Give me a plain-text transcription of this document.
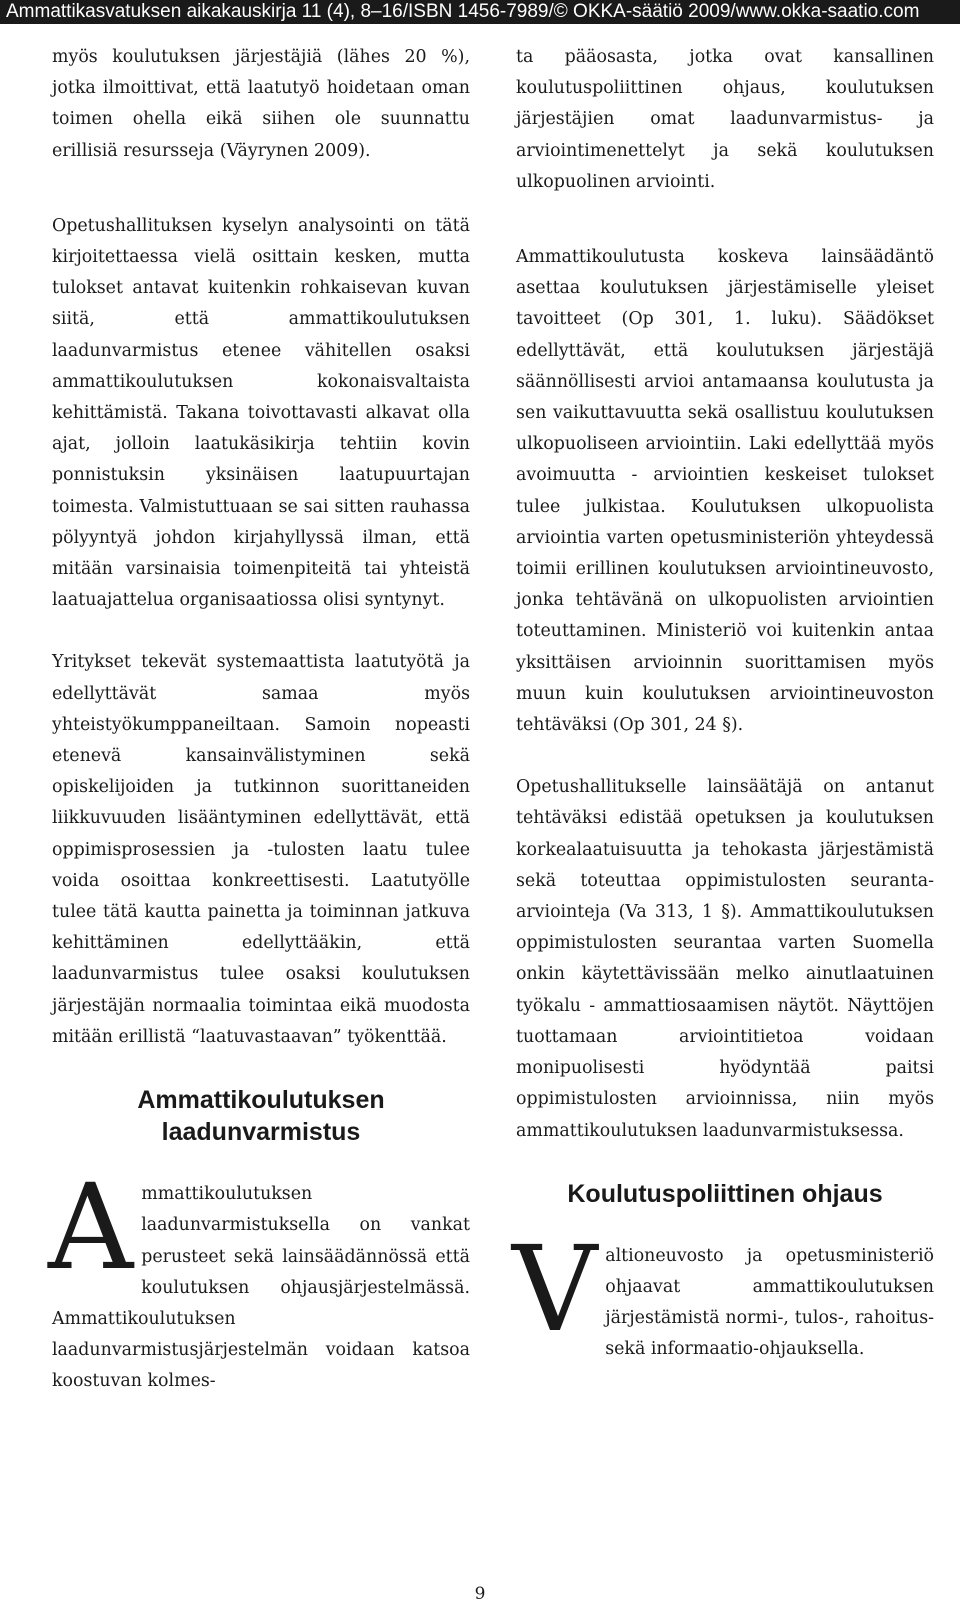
Ammattikasvatuksen aikakauskirja 11 (4), 8–16/ISBN 1456-7989/© OKKA-säätiö 2009/www.okka-saatio.com

myös koulutuksen järjestäjiä (lähes 20 %), jotka ilmoittivat, että laatutyö hoidetaan oman toimen ohella eikä siihen ole suunnattu erillisiä resursseja (Väyrynen 2009).

Opetushallituksen kyselyn analysointi on tätä kirjoitettaessa vielä osittain kesken, mutta tulokset antavat kuitenkin rohkaisevan kuvan siitä, että ammattikoulutuksen laadunvarmistus etenee vähitellen osaksi ammattikoulutuksen kokonaisvaltaista kehittämistä. Takana toivottavasti alkavat olla ajat, jolloin laatukäsikirja tehtiin kovin ponnistuksin yksinäisen laatupuurtajan toimesta. Valmistuttuaan se sai sitten rauhassa pölyyntyä johdon kirjahyllyssä ilman, että mitään varsinaisia toimenpiteitä tai yhteistä laatuajattelua organisaatiossa olisi syntynyt.

Yritykset tekevät systemaattista laatutyötä ja edellyttävät samaa myös yhteistyökumppaneiltaan. Samoin nopeasti etenevä kansainvälistyminen sekä opiskelijoiden ja tutkinnon suorittaneiden liikkuvuuden lisääntyminen edellyttävät, että oppimisprosessien ja -tulosten laatu tulee voida osoittaa konkreettisesti. Laatutyölle tulee tätä kautta painetta ja toiminnan jatkuva kehittäminen edellyttääkin, että laadunvarmistus tulee osaksi koulutuksen järjestäjän normaalia toimintaa eikä muodosta mitään erillistä “laatuvastaavan” työkenttää.

Ammattikoulutuksen laadunvarmistus

Ammattikoulutuksen laadunvarmistuksella on vankat perusteet sekä lainsäädännössä että koulutuksen ohjausjärjestelmässä. Ammattikoulutuksen laadunvarmistusjärjestelmän voidaan katsoa koostuvan kolmes-

ta pääosasta, jotka ovat kansallinen koulutuspoliittinen ohjaus, koulutuksen järjestäjien omat laadunvarmistus- ja arviointimenettelyt ja sekä koulutuksen ulkopuolinen arviointi.

Ammattikoulutusta koskeva lainsäädäntö asettaa koulutuksen järjestämiselle yleiset tavoitteet (Op 301, 1. luku). Säädökset edellyttävät, että koulutuksen järjestäjä säännöllisesti arvioi antamaansa koulutusta ja sen vaikuttavuutta sekä osallistuu koulutuksen ulkopuoliseen arviointiin. Laki edellyttää myös avoimuutta - arviointien keskeiset tulokset tulee julkistaa. Koulutuksen ulkopuolista arviointia varten opetusministeriön yhteydessä toimii erillinen koulutuksen arviointineuvosto, jonka tehtävänä on ulkopuolisten arviointien toteuttaminen. Ministeriö voi kuitenkin antaa yksittäisen arvioinnin suorittamisen myös muun kuin koulutuksen arviointineuvoston tehtäväksi (Op 301, 24 §).

Opetushallitukselle lainsäätäjä on antanut tehtäväksi edistää opetuksen ja koulutuksen korkealaatuisuutta ja tehokasta järjestämistä sekä toteuttaa oppimistulosten seuranta-arviointeja (Va 313, 1 §). Ammattikoulutuksen oppimistulosten seurantaa varten Suomella onkin käytettävissään melko ainutlaatuinen työkalu - ammattiosaamisen näytöt. Näyttöjen tuottamaan arviointitietoa voidaan monipuolisesti hyödyntää paitsi oppimistulosten arvioinnissa, niin myös ammattikoulutuksen laadunvarmistuksessa.

Koulutuspoliittinen ohjaus

Valtioneuvosto ja opetusministeriö ohjaavat ammattikoulutuksen järjestämistä normi-, tulos-, rahoitus- sekä informaatio-ohjauksella.

9
